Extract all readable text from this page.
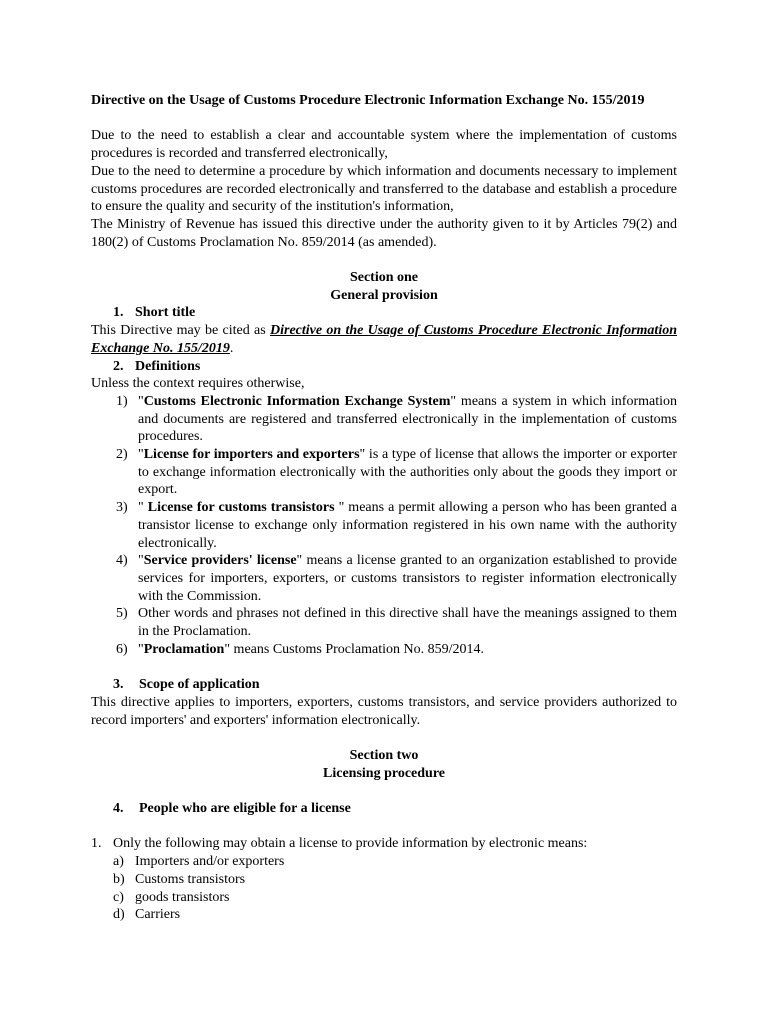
Directive on the Usage of Customs Procedure Electronic Information Exchange No. 155/2019

Due to the need to establish a clear and accountable system where the implementation of customs procedures is recorded and transferred electronically,

Due to the need to determine a procedure by which information and documents necessary to implement customs procedures are recorded electronically and transferred to the database and establish a procedure to ensure the quality and security of the institution's information,

The Ministry of Revenue has issued this directive under the authority given to it by Articles 79(2) and 180(2) of Customs Proclamation No. 859/2014 (as amended).

Section one

General provision

1. Short title

This Directive may be cited as Directive on the Usage of Customs Procedure Electronic Information Exchange No. 155/2019.

2. Definitions

Unless the context requires otherwise,

1) "Customs Electronic Information Exchange System" means a system in which information and documents are registered and transferred electronically in the implementation of customs procedures.
2) "License for importers and exporters" is a type of license that allows the importer or exporter to exchange information electronically with the authorities only about the goods they import or export.
3) " License for customs transistors " means a permit allowing a person who has been granted a transistor license to exchange only information registered in his own name with the authority electronically.
4) "Service providers' license" means a license granted to an organization established to provide services for importers, exporters, or customs transistors to register information electronically with the Commission.
5) Other words and phrases not defined in this directive shall have the meanings assigned to them in the Proclamation.
6) "Proclamation" means Customs Proclamation No. 859/2014.

3. Scope of application

This directive applies to importers, exporters, customs transistors, and service providers authorized to record importers' and exporters' information electronically.

Section two

Licensing procedure

4. People who are eligible for a license

1. Only the following may obtain a license to provide information by electronic means:

a) Importers and/or exporters
b) Customs transistors
c) goods transistors
d) Carriers
